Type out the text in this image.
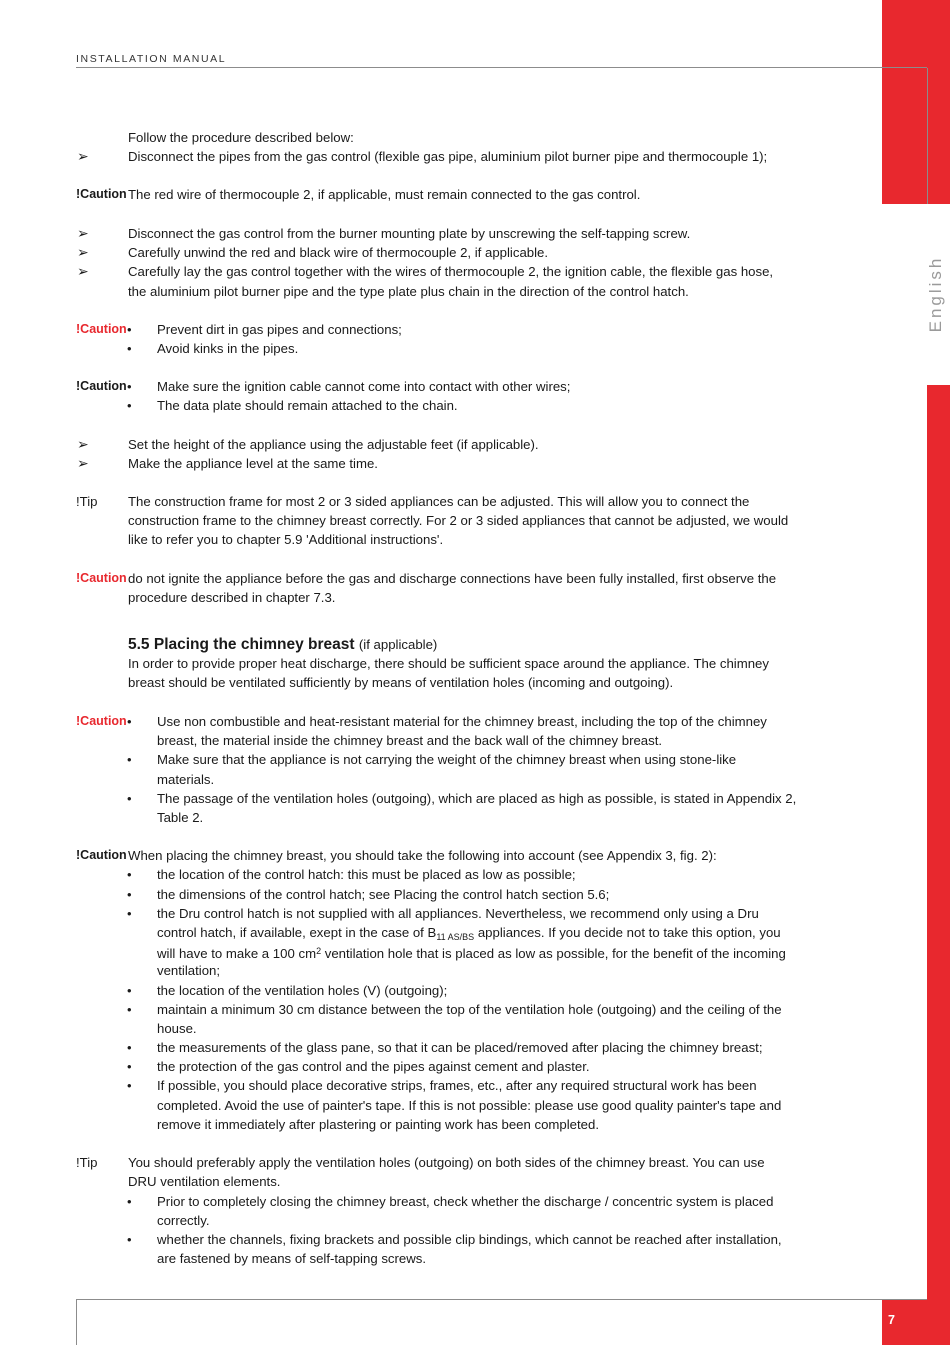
INSTALLATION MANUAL
English
7
Follow the procedure described below:
➢	Disconnect the pipes from the gas control (flexible gas pipe, aluminium pilot burner pipe and thermocouple 1);
!Caution The red wire of thermocouple 2, if applicable, must remain connected to the gas control.
➢	Disconnect the gas control from the burner mounting plate by unscrewing the self-tapping screw.
➢	Carefully unwind the red and black wire of thermocouple 2, if applicable.
➢	Carefully lay the gas control together with the wires of thermocouple 2, the ignition cable, the flexible gas hose,
the aluminium pilot burner pipe and the type plate plus chain in the direction of the control hatch.
!Caution • Prevent dirt in gas pipes and connections;
• Avoid kinks in the pipes.
!Caution • Make sure the ignition cable cannot come into contact with other wires;
• The data plate should remain attached to the chain.
➢	Set the height of the appliance using the adjustable feet (if applicable).
➢	Make the appliance level at the same time.
!Tip The construction frame for most 2 or 3 sided appliances can be adjusted. This will allow you to connect the
construction frame to the chimney breast correctly. For 2 or 3 sided appliances that cannot be adjusted, we would
like to refer you to chapter 5.9 'Additional instructions'.
!Caution do not ignite the appliance before the gas and discharge connections have been fully installed, first observe the
procedure described in chapter 7.3.
5.5 Placing the chimney breast (if applicable)
In order to provide proper heat discharge, there should be sufficient space around the appliance. The chimney
breast should be ventilated sufficiently by means of ventilation holes (incoming and outgoing).
!Caution • Use non combustible and heat-resistant material for the chimney breast, including the top of the chimney
breast, the material inside the chimney breast and the back wall of the chimney breast.
• Make sure that the appliance is not carrying the weight of the chimney breast when using stone-like
materials.
• The passage of the ventilation holes (outgoing), which are placed as high as possible, is stated in Appendix 2,
Table 2.
!Caution When placing the chimney breast, you should take the following into account (see Appendix 3, fig. 2):
• the location of the control hatch: this must be placed as low as possible;
• the dimensions of the control hatch; see Placing the control hatch section 5.6;
• the Dru control hatch is not supplied with all appliances. Nevertheless, we recommend only using a Dru
control hatch, if available, exept in the case of $B_{11 AS/BS}$ appliances. If you decide not to take this option, you
will have to make a 100 $cm^2$ ventilation hole that is placed as low as possible, for the benefit of the incoming
ventilation;
• the location of the ventilation holes (V) (outgoing);
• maintain a minimum 30 cm distance between the top of the ventilation hole (outgoing) and the ceiling of the
house.
• the measurements of the glass pane, so that it can be placed/removed after placing the chimney breast;
• the protection of the gas control and the pipes against cement and plaster.
• If possible, you should place decorative strips, frames, etc., after any required structural work has been
completed. Avoid the use of painter's tape. If this is not possible: please use good quality painter's tape and
remove it immediately after plastering or painting work has been completed.
!Tip You should preferably apply the ventilation holes (outgoing) on both sides of the chimney breast. You can use
DRU ventilation elements.
• Prior to completely closing the chimney breast, check whether the discharge / concentric system is placed
correctly.
• whether the channels, fixing brackets and possible clip bindings, which cannot be reached after installation,
are fastened by means of self-tapping screws.
